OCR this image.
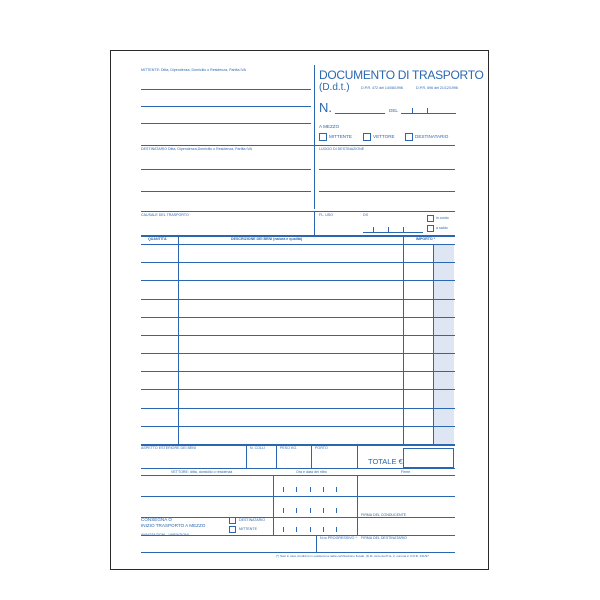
MITTENTE: Ditta, Dipendenza, Domicilio o Residenza, Partita IVA	DOCUMENTO DI TRASPORTO
(D.d.t.)	D.P.R. 472 del 14/08/1996	D.P.R. 696 del 21/12/1996
N.	DEL
A MEZZO
MITTENTE	VETTORE	DESTINATARIO
DESTINATARIO Ditta, Dipendenza,Domicilio o Residenza, Partita IVA	LUOGO DI DESTINAZIONE
CAUSALE DEL TRASPORTO	FL. USO	DS
in conto
a saldo
QUANTITÀ	DESCRIZIONE DEI BENI (natura e qualità)	IMPORTO *
ASPETTO ESTERIORE DEI BENI	N. COLLI	PESO KG.	PORTO
TOTALE €
VETTORE: ditta, domicilio o residenza	Ora e data del ritiro	Firme
CONSEGNA O
INIZIO TRASPORTO A MEZZO
DESTINATARIO
MITTENTE
FIRMA DEL CONDUCENTE
ANNOTAZIONI - VARIAZIONI
N.ro PROGRESSIVO * FIRMA DEL DESTINATARIO
(*) Solo in caso di utilizzo in sostituzione della certificazione fiscale. (D.M. certo del P.ot. 2, comma 2, D.P.R. 441/97
